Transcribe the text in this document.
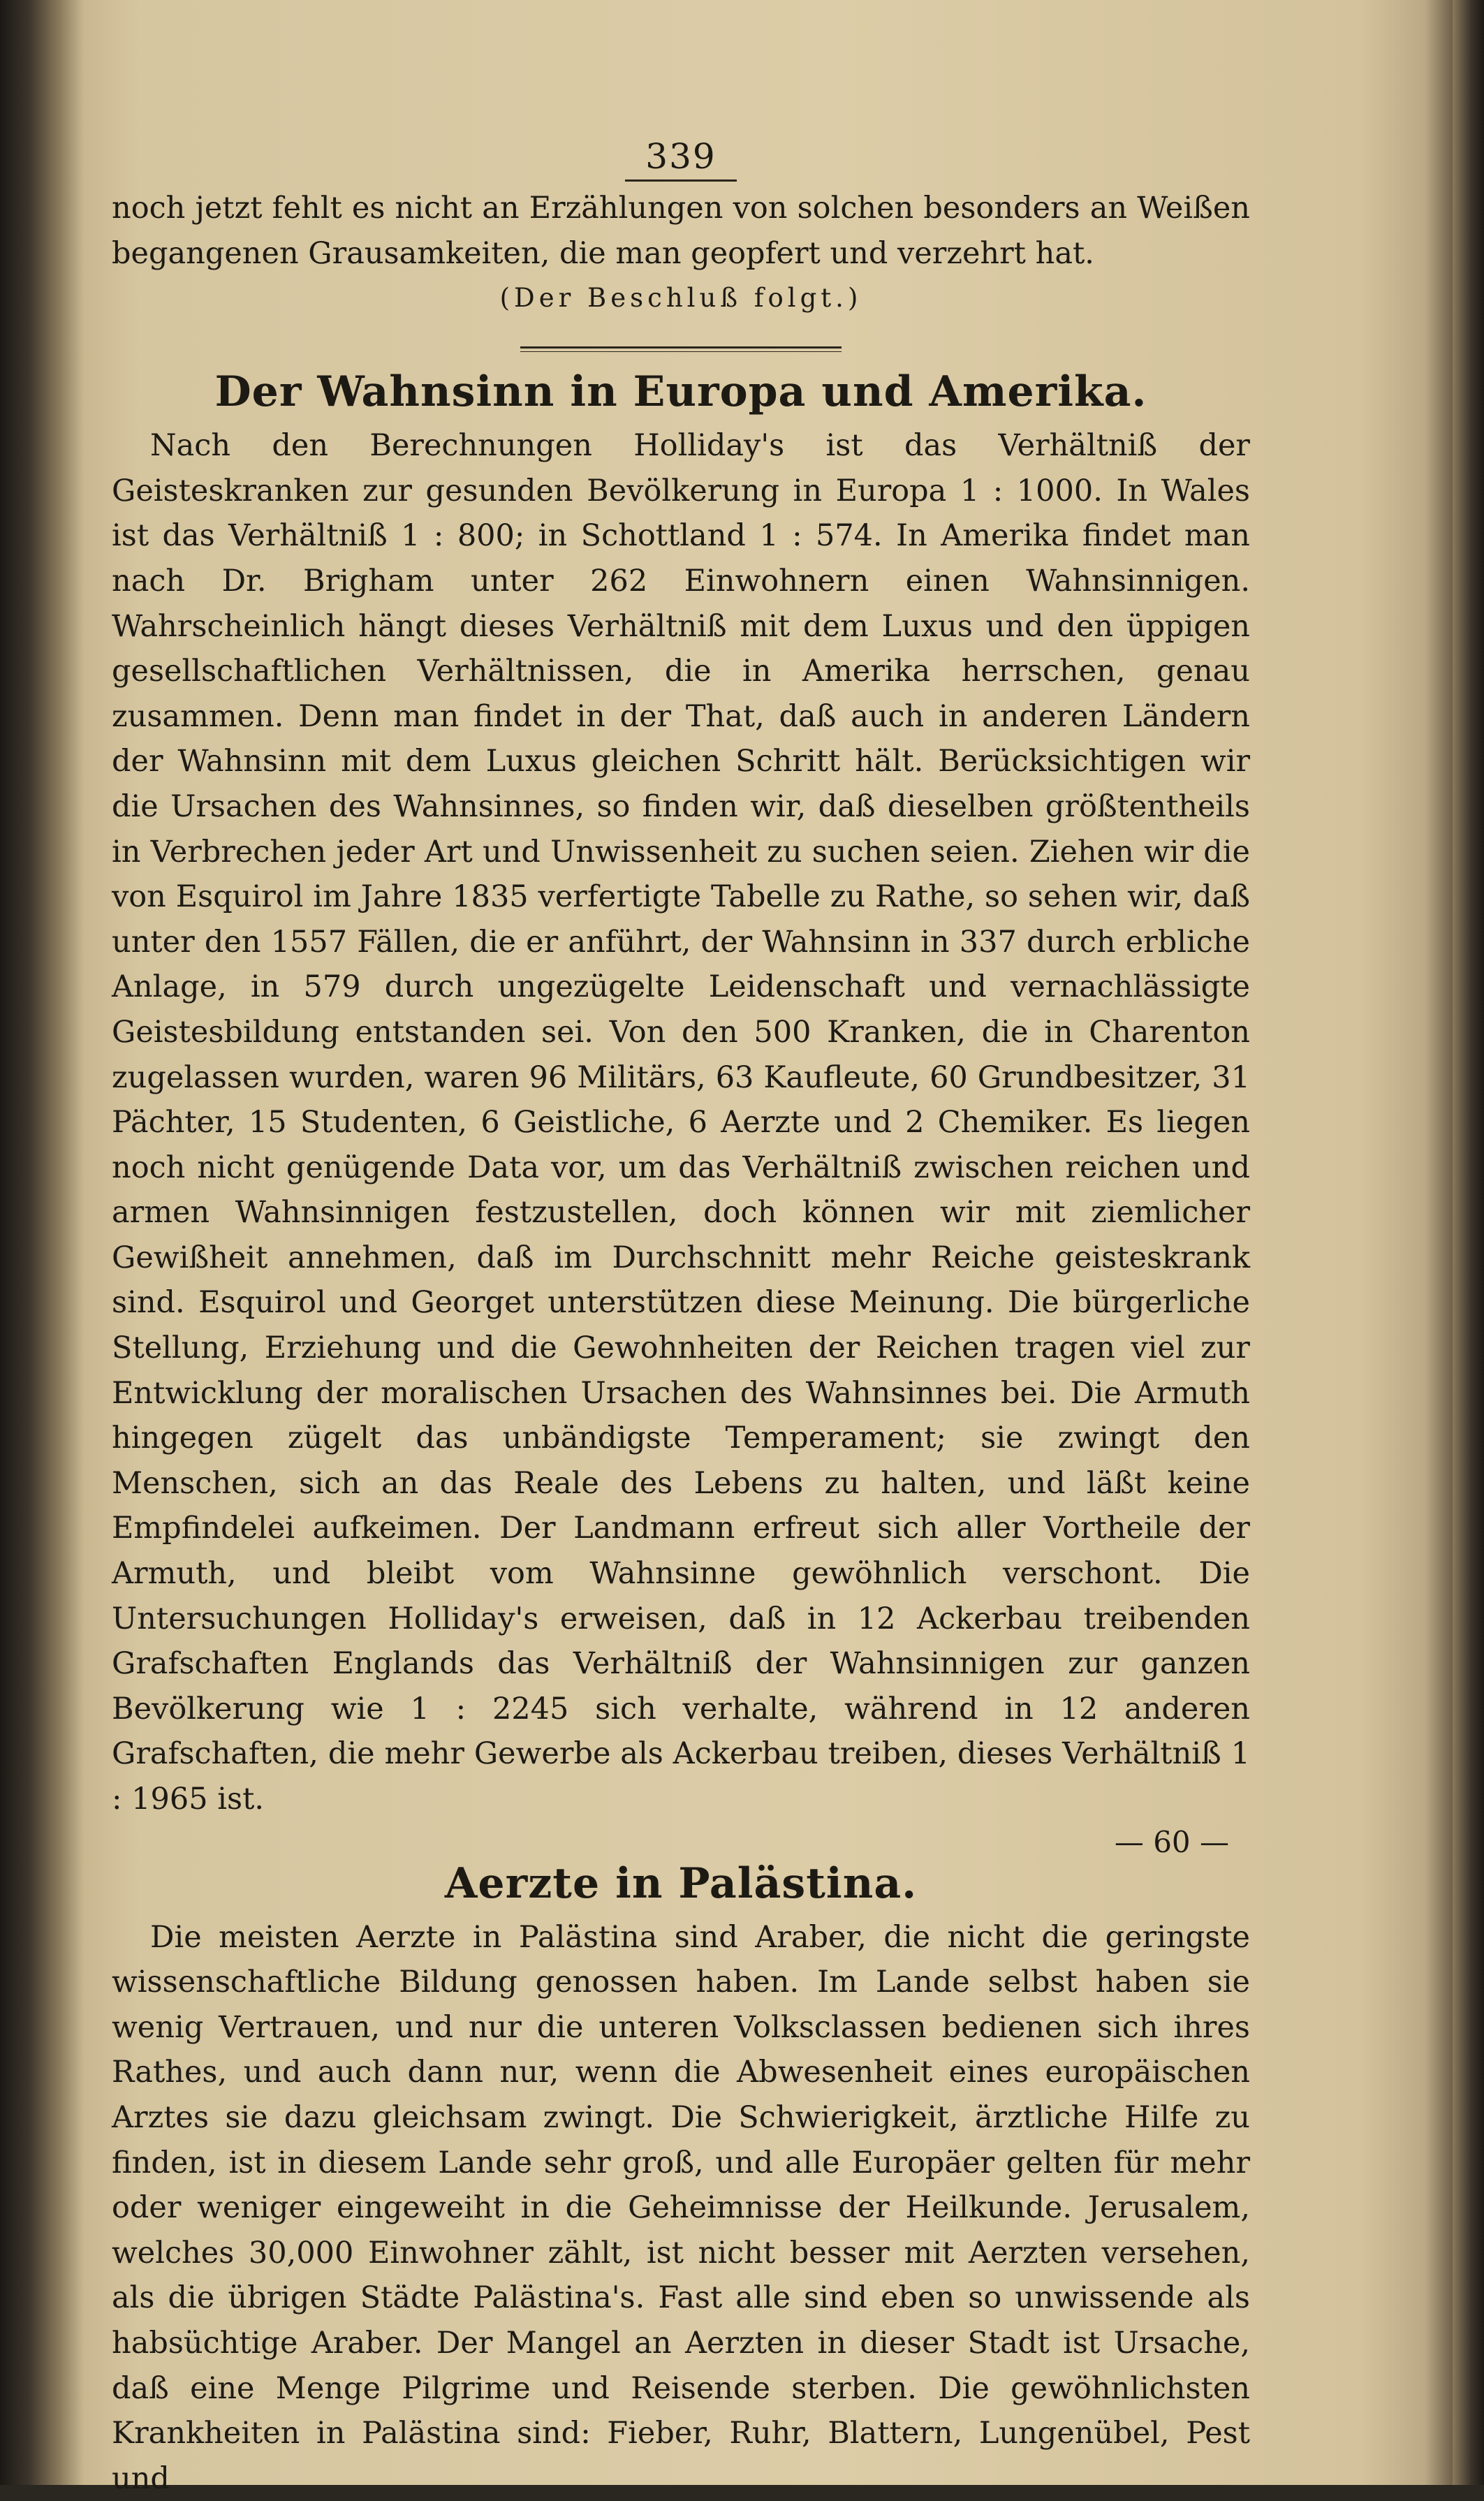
339

noch jetzt fehlt es nicht an Erzählungen von solchen besonders an Weißen begangenen Grausamkeiten, die man geopfert und verzehrt hat.

(Der Beschluß folgt.)
Der Wahnsinn in Europa und Amerika.

Nach den Berechnungen Holliday's ist das Verhältniß der Geisteskranken zur gesunden Bevölkerung in Europa 1 : 1000. In Wales ist das Verhältniß 1 : 800; in Schottland 1 : 574. In Amerika findet man nach Dr. Brigham unter 262 Einwohnern einen Wahnsinnigen. Wahrscheinlich hängt dieses Verhältniß mit dem Luxus und den üppigen gesellschaftlichen Verhältnissen, die in Amerika herrschen, genau zusammen. Denn man findet in der That, daß auch in anderen Ländern der Wahnsinn mit dem Luxus gleichen Schritt hält. Berücksichtigen wir die Ursachen des Wahnsinnes, so finden wir, daß dieselben größtentheils in Verbrechen jeder Art und Unwissenheit zu suchen seien. Ziehen wir die von Esquirol im Jahre 1835 verfertigte Tabelle zu Rathe, so sehen wir, daß unter den 1557 Fällen, die er anführt, der Wahnsinn in 337 durch erbliche Anlage, in 579 durch ungezügelte Leidenschaft und vernachlässigte Geistesbildung entstanden sei. Von den 500 Kranken, die in Charenton zugelassen wurden, waren 96 Militärs, 63 Kaufleute, 60 Grundbesitzer, 31 Pächter, 15 Studenten, 6 Geistliche, 6 Aerzte und 2 Chemiker. Es liegen noch nicht genügende Data vor, um das Verhältniß zwischen reichen und armen Wahnsinnigen festzustellen, doch können wir mit ziemlicher Gewißheit annehmen, daß im Durchschnitt mehr Reiche geisteskrank sind. Esquirol und Georget unterstützen diese Meinung. Die bürgerliche Stellung, Erziehung und die Gewohnheiten der Reichen tragen viel zur Entwicklung der moralischen Ursachen des Wahnsinnes bei. Die Armuth hingegen zügelt das unbändigste Temperament; sie zwingt den Menschen, sich an das Reale des Lebens zu halten, und läßt keine Empfindelei aufkeimen. Der Landmann erfreut sich aller Vortheile der Armuth, und bleibt vom Wahnsinne gewöhnlich verschont. Die Untersuchungen Holliday's erweisen, daß in 12 Ackerbau treibenden Grafschaften Englands das Verhältniß der Wahnsinnigen zur ganzen Bevölkerung wie 1 : 2245 sich verhalte, während in 12 anderen Grafschaften, die mehr Gewerbe als Ackerbau treiben, dieses Verhältniß 1 : 1965 ist.

— 60 —
Aerzte in Palästina.

Die meisten Aerzte in Palästina sind Araber, die nicht die geringste wissenschaftliche Bildung genossen haben. Im Lande selbst haben sie wenig Vertrauen, und nur die unteren Volksclassen bedienen sich ihres Rathes, und auch dann nur, wenn die Abwesenheit eines europäischen Arztes sie dazu gleichsam zwingt. Die Schwierigkeit, ärztliche Hilfe zu finden, ist in diesem Lande sehr groß, und alle Europäer gelten für mehr oder weniger eingeweiht in die Geheimnisse der Heilkunde. Jerusalem, welches 30,000 Einwohner zählt, ist nicht besser mit Aerzten versehen, als die übrigen Städte Palästina's. Fast alle sind eben so unwissende als habsüchtige Araber. Der Mangel an Aerzten in dieser Stadt ist Ursache, daß eine Menge Pilgrime und Reisende sterben. Die gewöhnlichsten Krankheiten in Palästina sind: Fieber, Ruhr, Blattern, Lungenübel, Pest und
